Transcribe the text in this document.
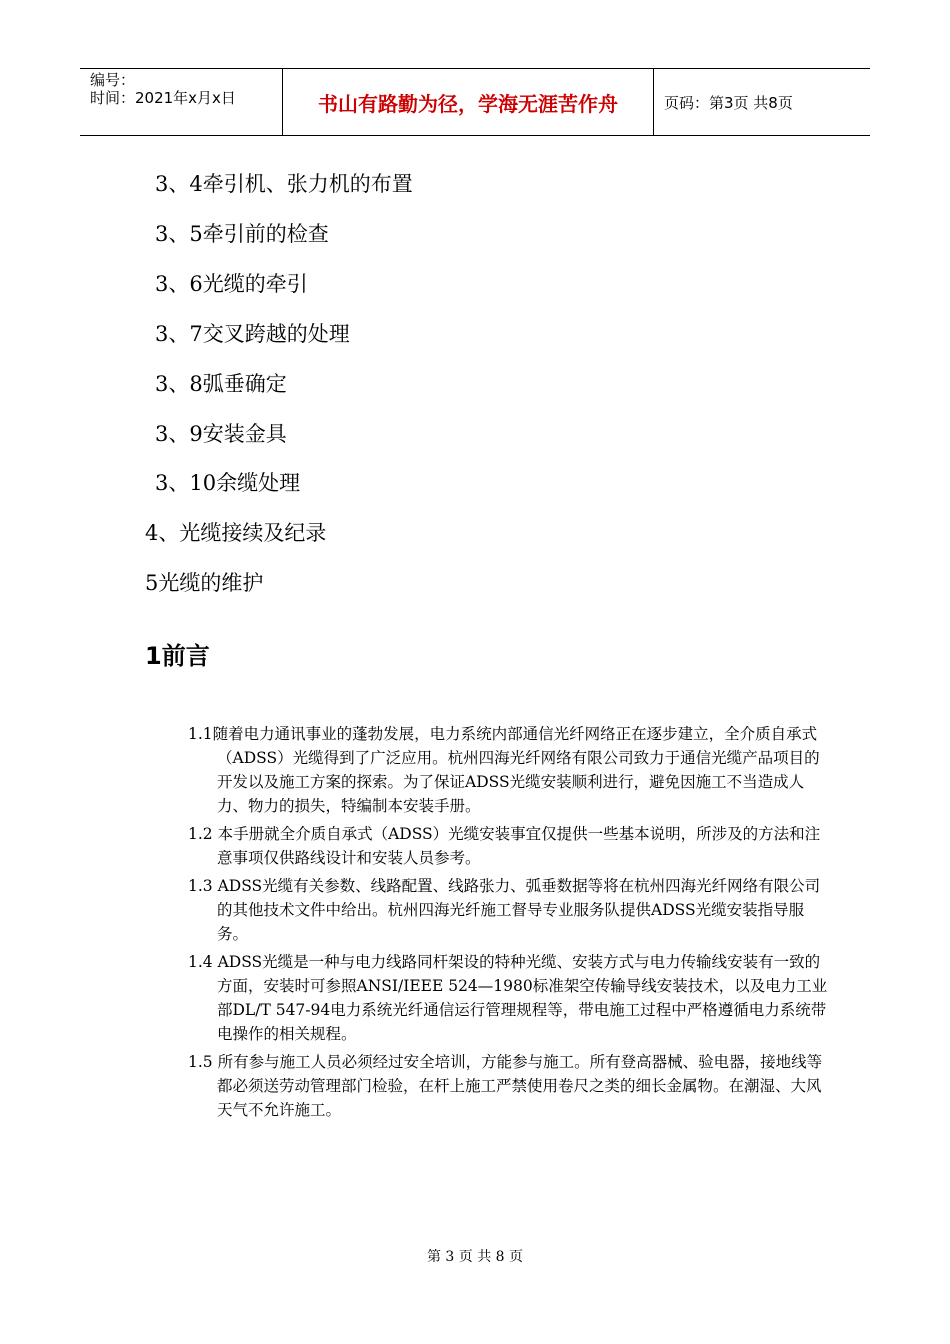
编号：
时间：2021年x月x日	书山有路勤为径，学海无涯苦作舟	页码：第3页 共8页
3、4牵引机、张力机的布置
3、5牵引前的检查
3、6光缆的牵引
3、7交叉跨越的处理
3、8弧垂确定
3、9安装金具
3、10余缆处理
4、光缆接续及纪录
5光缆的维护
1前言

1.1随着电力通讯事业的蓬勃发展，电力系统内部通信光纤网络正在逐步建立，全介质自承式（ADSS）光缆得到了广泛应用。杭州四海光纤网络有限公司致力于通信光缆产品项目的开发以及施工方案的探索。为了保证ADSS光缆安装顺利进行，避免因施工不当造成人力、物力的损失，特编制本安装手册。

1.2 本手册就全介质自承式（ADSS）光缆安装事宜仅提供一些基本说明，所涉及的方法和注意事项仅供路线设计和安装人员参考。

1.3 ADSS光缆有关参数、线路配置、线路张力、弧垂数据等将在杭州四海光纤网络有限公司的其他技术文件中给出。杭州四海光纤施工督导专业服务队提供ADSS光缆安装指导服务。

1.4 ADSS光缆是一种与电力线路同杆架设的特种光缆、安装方式与电力传输线安装有一致的方面，安装时可参照ANSI/IEEE 524—1980标准架空传输导线安装技术，以及电力工业部DL/T 547-94电力系统光纤通信运行管理规程等，带电施工过程中严格遵循电力系统带电操作的相关规程。

1.5 所有参与施工人员必须经过安全培训，方能参与施工。所有登高器械、验电器，接地线等都必须送劳动管理部门检验，在杆上施工严禁使用卷尺之类的细长金属物。在潮湿、大风天气不允许施工。

第 3 页 共 8 页
